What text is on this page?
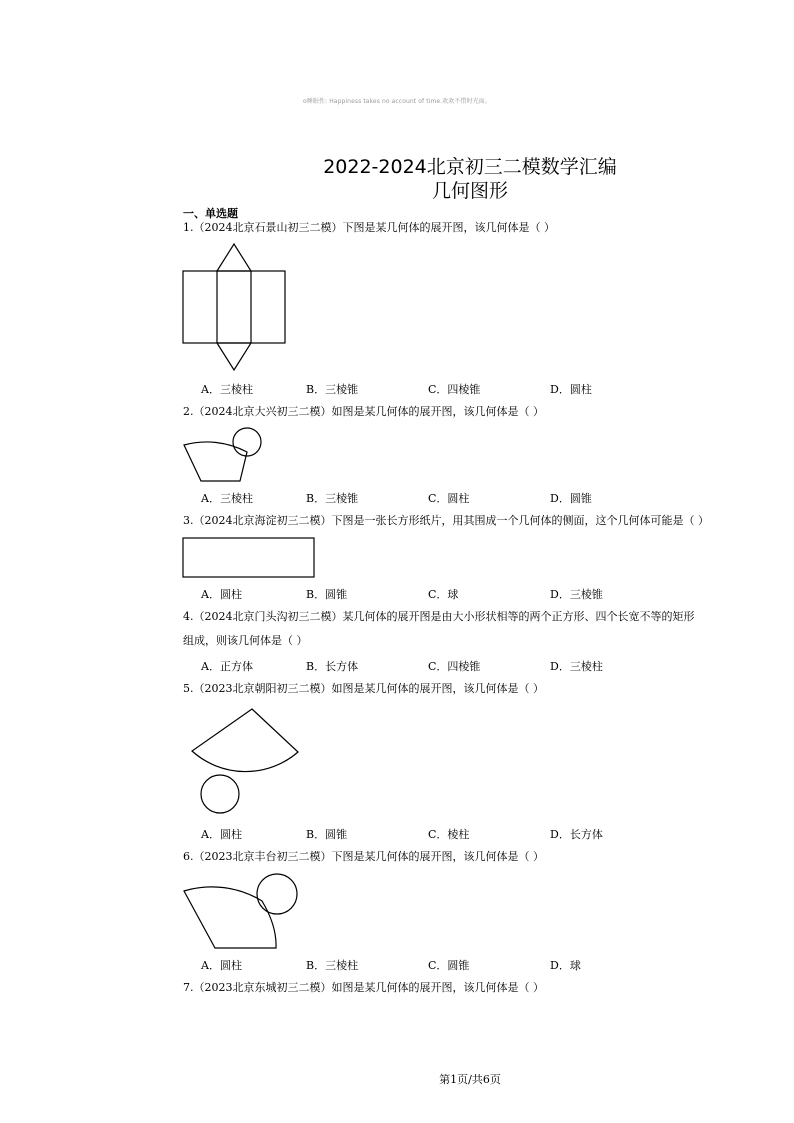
o睡眠性: Happiness takes no account of time.欢欢不惜时光面。
2022-2024北京初三二模数学汇编
几何图形
一、单选题
1.（2024北京石景山初三二模）下图是某几何体的展开图，该几何体是（ ）
A．三棱柱	B．三棱锥	C．四棱锥	D．圆柱
2.（2024北京大兴初三二模）如图是某几何体的展开图，该几何体是（ ）
A．三棱柱	B．三棱锥	C．圆柱	D．圆锥
3.（2024北京海淀初三二模）下图是一张长方形纸片，用其围成一个几何体的侧面，这个几何体可能是（ ）
A．圆柱	B．圆锥	C．球	D．三棱锥
4.（2024北京门头沟初三二模）某几何体的展开图是由大小形状相等的两个正方形、四个长宽不等的矩形
组成，则该几何体是（ ）
A．正方体	B．长方体	C．四棱锥	D．三棱柱
5.（2023北京朝阳初三二模）如图是某几何体的展开图，该几何体是（ ）
A．圆柱	B．圆锥	C．棱柱	D．长方体
6.（2023北京丰台初三二模）下图是某几何体的展开图，该几何体是（ ）
A．圆柱	B．三棱柱	C．圆锥	D．球
7.（2023北京东城初三二模）如图是某几何体的展开图，该几何体是（ ）
第1页/共6页
